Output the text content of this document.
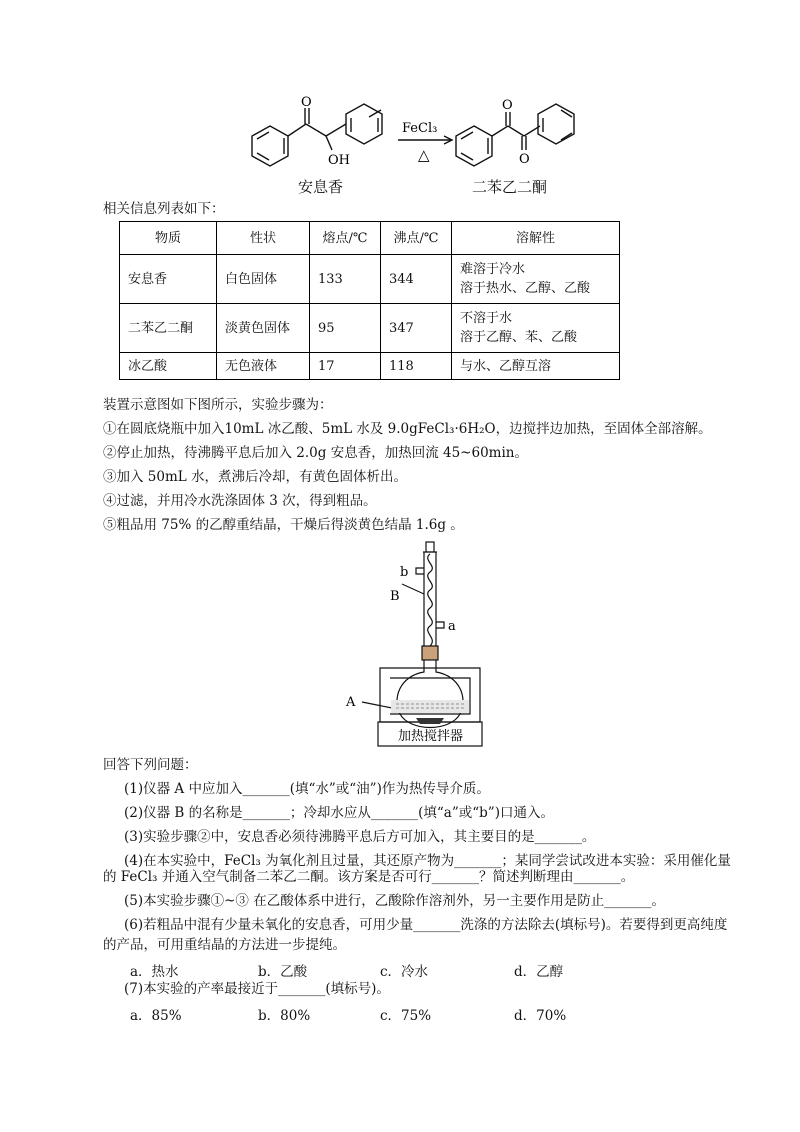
O
OH
FeCl₃
△
O
O
安息香	二苯乙二酮
相关信息列表如下：
物质	性状	熔点/℃	沸点/℃	溶解性
安息香	白色固体	133	344	难溶于冷水
溶于热水、乙醇、乙酸

二苯乙二酮	淡黄色固体	95	347	不溶于水
溶于乙醇、苯、乙酸

冰乙酸	无色液体	17	118	与水、乙醇互溶
装置示意图如下图所示，实验步骤为：
①在圆底烧瓶中加入10mL 冰乙酸、5mL 水及 9.0gFeCl₃·6H₂O，边搅拌边加热，至固体全部溶解。
②停止加热，待沸腾平息后加入 2.0g 安息香，加热回流 45~60min。
③加入 50mL 水，煮沸后冷却，有黄色固体析出。
④过滤，并用冷水洗涤固体 3 次，得到粗品。
⑤粗品用 75% 的乙醇重结晶，干燥后得淡黄色结晶 1.6g 。
b
a
B
A
加热搅拌器
回答下列问题：
(1)仪器 A 中应加入_______(填“水”或“油”)作为热传导介质。
(2)仪器 B 的名称是_______；冷却水应从_______(填“a”或“b”)口通入。
(3)实验步骤②中，安息香必须待沸腾平息后方可加入，其主要目的是_______。
(4)在本实验中，FeCl₃ 为氧化剂且过量，其还原产物为_______；某同学尝试改进本实验：采用催化量
的 FeCl₃ 并通入空气制备二苯乙二酮。该方案是否可行_______？简述判断理由_______。
(5)本实验步骤①~③ 在乙酸体系中进行，乙酸除作溶剂外，另一主要作用是防止_______。
(6)若粗品中混有少量未氧化的安息香，可用少量_______洗涤的方法除去(填标号)。若要得到更高纯度
的产品，可用重结晶的方法进一步提纯。
a．热水	b．乙酸	c．冷水	d．乙醇
(7)本实验的产率最接近于_______(填标号)。
a．85%	b．80%	c．75%	d．70%
